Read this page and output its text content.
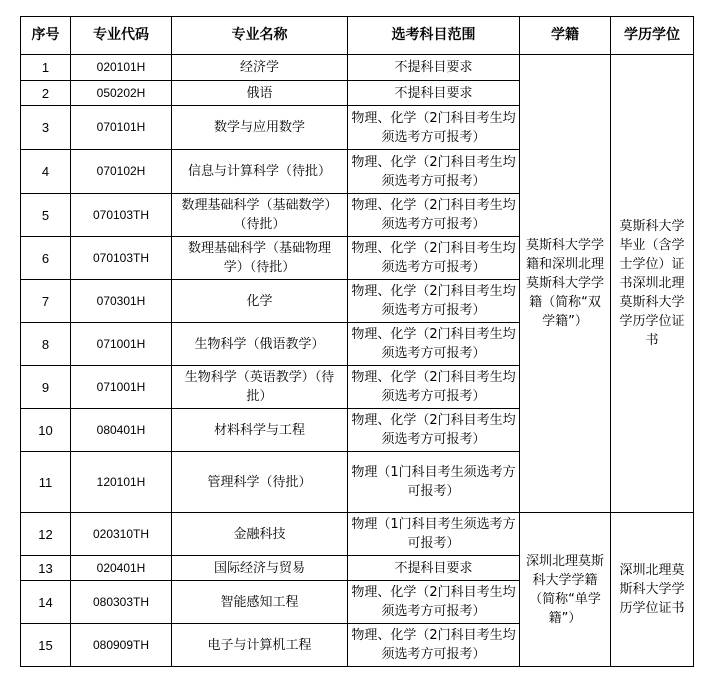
序号	专业代码	专业名称	选考科目范围	学籍	学历学位
1	020101H	经济学	不提科目要求	莫斯科大学学籍和深圳北理莫斯科大学学籍（简称“双学籍”）	莫斯科大学毕业（含学士学位）证书深圳北理莫斯科大学学历学位证书
2	050202H	俄语	不提科目要求		
3	070101H	数学与应用数学	物理、化学（2门科目考生均须选考方可报考）		
4	070102H	信息与计算科学（待批）	物理、化学（2门科目考生均须选考方可报考）		
5	070103TH	数理基础科学（基础数学）（待批）	物理、化学（2门科目考生均须选考方可报考）		
6	070103TH	数理基础科学（基础物理学）（待批）	物理、化学（2门科目考生均须选考方可报考）		
7	070301H	化学	物理、化学（2门科目考生均须选考方可报考）		
8	071001H	生物科学（俄语教学）	物理、化学（2门科目考生均须选考方可报考）		
9	071001H	生物科学（英语教学）（待批）	物理、化学（2门科目考生均须选考方可报考）		
10	080401H	材料科学与工程	物理、化学（2门科目考生均须选考方可报考）		
11	120101H	管理科学（待批）	物理（1门科目考生须选考方可报考）		
12	020310TH	金融科技	物理（1门科目考生须选考方可报考）	深圳北理莫斯科大学学籍（简称“单学籍”）	深圳北理莫斯科大学学历学位证书
13	020401H	国际经济与贸易	不提科目要求		
14	080303TH	智能感知工程	物理、化学（2门科目考生均须选考方可报考）		
15	080909TH	电子与计算机工程	物理、化学（2门科目考生均须选考方可报考）		
